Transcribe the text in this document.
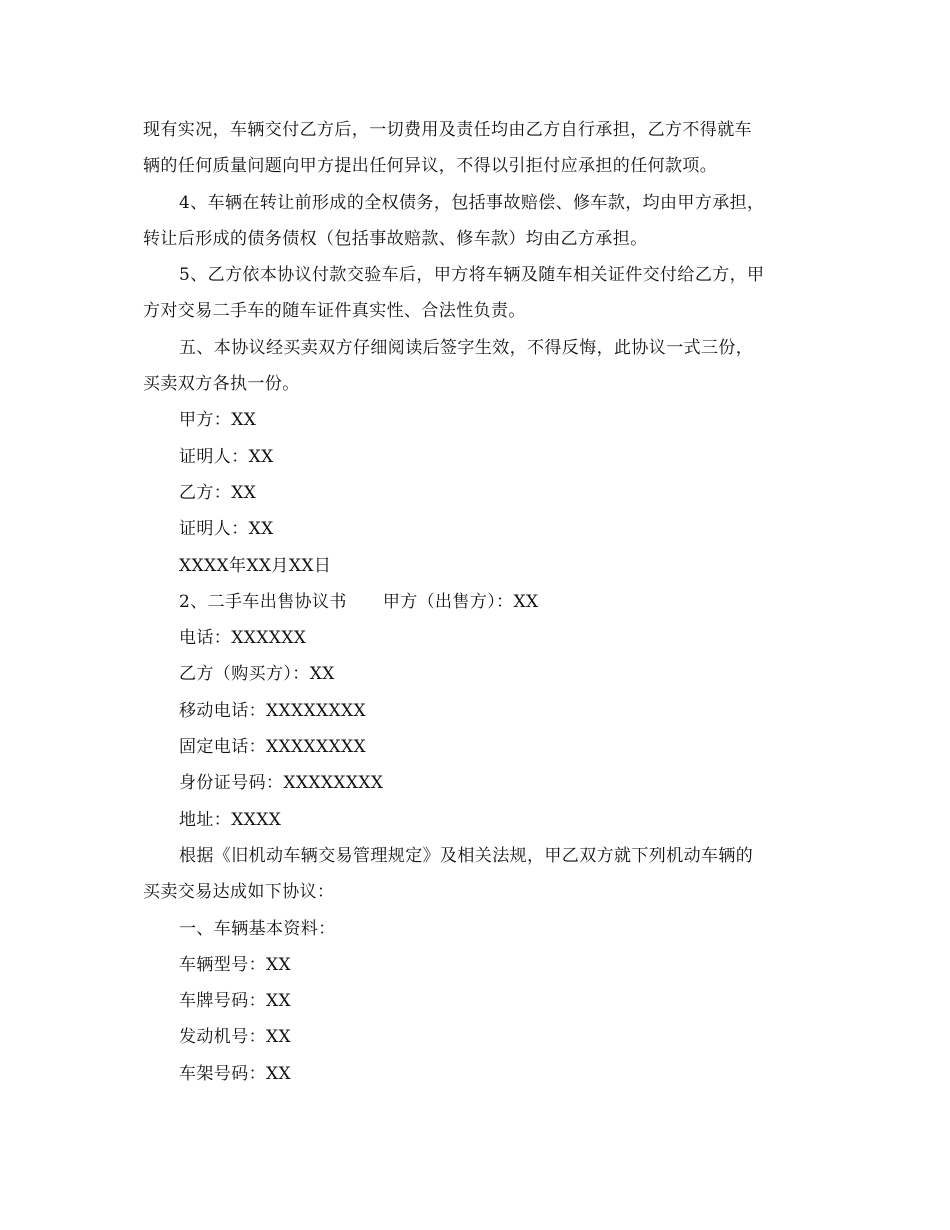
现有实况，车辆交付乙方后，一切费用及责任均由乙方自行承担，乙方不得就车
辆的任何质量问题向甲方提出任何异议，不得以引拒付应承担的任何款项。
4、车辆在转让前形成的全权债务，包括事故赔偿、修车款，均由甲方承担，
转让后形成的债务债权（包括事故赔款、修车款）均由乙方承担。
5、乙方依本协议付款交验车后，甲方将车辆及随车相关证件交付给乙方，甲
方对交易二手车的随车证件真实性、合法性负责。
五、本协议经买卖双方仔细阅读后签字生效，不得反悔，此协议一式三份，
买卖双方各执一份。
甲方：XX
证明人：XX
乙方：XX
证明人：XX
XXXX年XX月XX日
2、二手车出售协议书 甲方（出售方）：XX
电话：XXXXXX
乙方（购买方）：XX
移动电话：XXXXXXXX
固定电话：XXXXXXXX
身份证号码：XXXXXXXX
地址：XXXX
根据《旧机动车辆交易管理规定》及相关法规，甲乙双方就下列机动车辆的
买卖交易达成如下协议：
一、车辆基本资料：
车辆型号：XX
车牌号码：XX
发动机号：XX
车架号码：XX
